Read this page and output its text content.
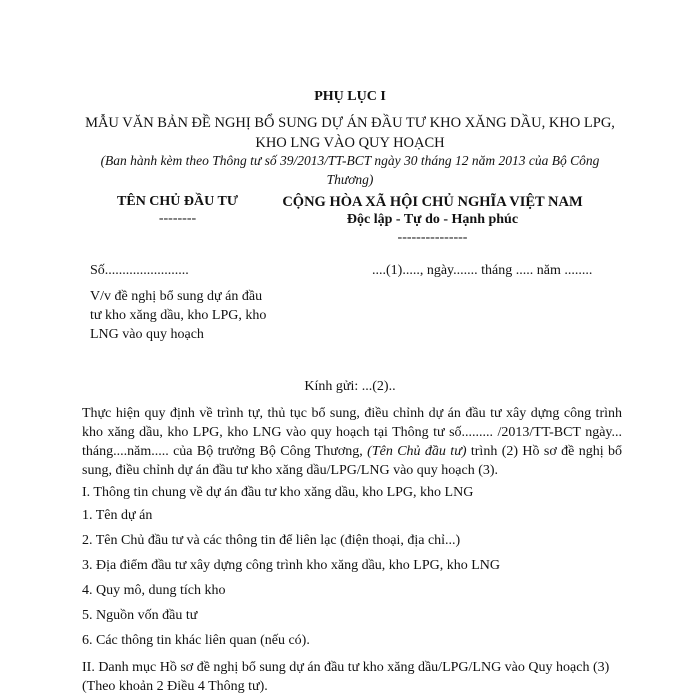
PHỤ LỤC I
MẪU VĂN BẢN ĐỀ NGHỊ BỔ SUNG DỰ ÁN ĐẦU TƯ KHO XĂNG DẦU, KHO LPG, KHO LNG VÀO QUY HOẠCH
(Ban hành kèm theo Thông tư số 39/2013/TT-BCT ngày 30 tháng 12 năm 2013 của Bộ Công Thương)
TÊN CHỦ ĐẦU TƯ
--------
CỘNG HÒA XÃ HỘI CHỦ NGHĨA VIỆT NAM
Độc lập - Tự do - Hạnh phúc
---------------
Số........................	....(1)....., ngày....... tháng ..... năm ........
V/v đề nghị bổ sung dự án đầu tư kho xăng dầu, kho LPG, kho LNG vào quy hoạch
Kính gửi: ...(2)..
Thực hiện quy định về trình tự, thủ tục bổ sung, điều chỉnh dự án đầu tư xây dựng công trình kho xăng dầu, kho LPG, kho LNG vào quy hoạch tại Thông tư số......... /2013/TT-BCT ngày... tháng....năm..... của Bộ trưởng Bộ Công Thương, (Tên Chủ đầu tư) trình (2) Hồ sơ đề nghị bổ sung, điều chỉnh dự án đầu tư kho xăng dầu/LPG/LNG vào quy hoạch (3).
I. Thông tin chung về dự án đầu tư kho xăng dầu, kho LPG, kho LNG
1. Tên dự án
2. Tên Chủ đầu tư và các thông tin để liên lạc (điện thoại, địa chỉ...)
3. Địa điểm đầu tư xây dựng công trình kho xăng dầu, kho LPG, kho LNG
4. Quy mô, dung tích kho
5. Nguồn vốn đầu tư
6. Các thông tin khác liên quan (nếu có).
II. Danh mục Hồ sơ đề nghị bổ sung dự án đầu tư kho xăng dầu/LPG/LNG vào Quy hoạch (3) (Theo khoản 2 Điều 4 Thông tư).
